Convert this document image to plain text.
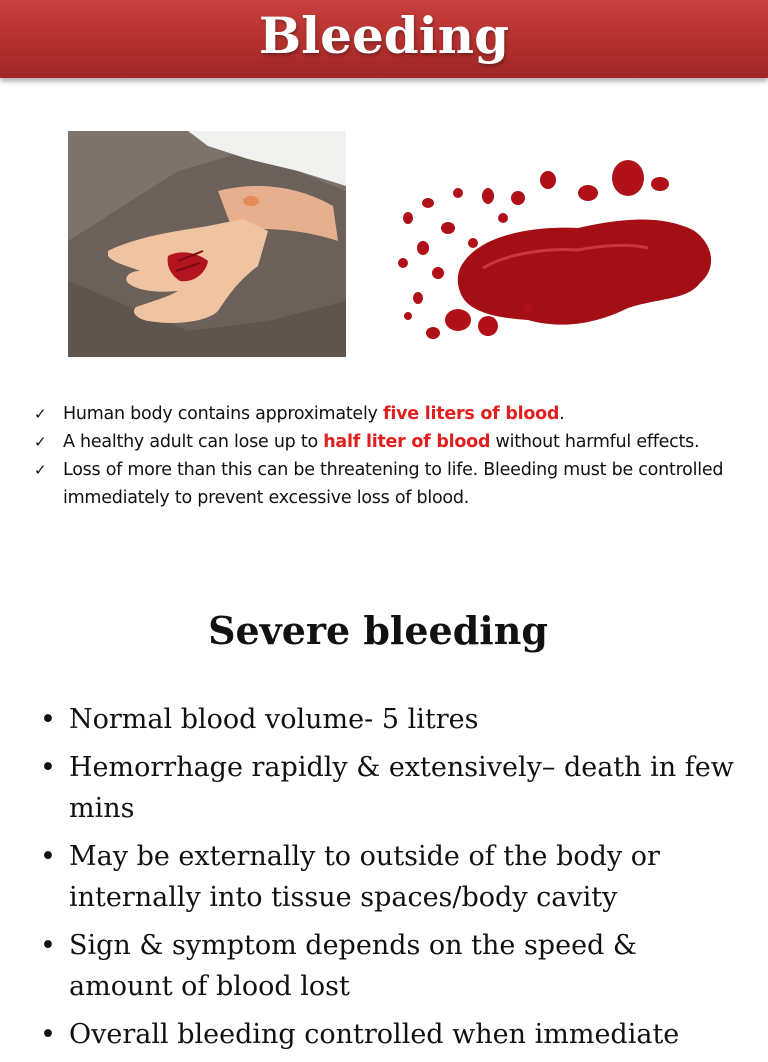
Bleeding
✓ Human body contains approximately five liters of blood.
✓ A healthy adult can lose up to half liter of blood without harmful effects.
✓ Loss of more than this can be threatening to life. Bleeding must be controlled immediately to prevent excessive loss of blood.
Severe bleeding
• Normal blood volume- 5 litres
• Hemorrhage rapidly & extensively– death in few mins
• May be externally to outside of the body or internally into tissue spaces/body cavity
• Sign & symptom depends on the speed & amount of blood lost
• Overall bleeding controlled when immediate
